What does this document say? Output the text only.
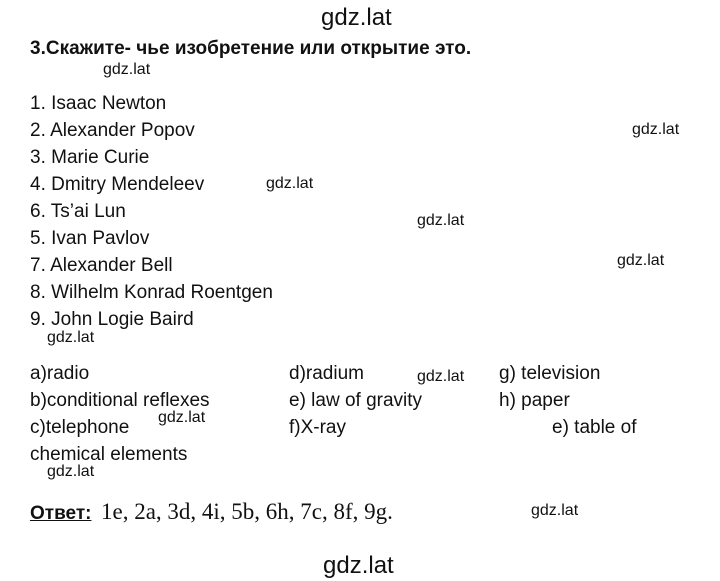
gdz.lat
3.Скажите- чье изобретение или открытие это.
gdz.lat
1. Isaac Newton
2. Alexander Popov
3. Marie Curie
4. Dmitry Mendeleev
6. Ts’ai Lun
5. Ivan Pavlov
7. Alexander Bell
8. Wilhelm Konrad Roentgen
9. John Logie Baird
gdz.lat
gdz.lat
gdz.lat
gdz.lat
gdz.lat
a)radio
b)conditional reflexes
c)telephone
chemical elements
d)radium
e) law of gravity
f)X-ray
g) television
h) paper
e) table of
gdz.lat
gdz.lat
gdz.lat
Ответ: 1e, 2a, 3d, 4i, 5b, 6h, 7c, 8f, 9g.	gdz.lat
gdz.lat
